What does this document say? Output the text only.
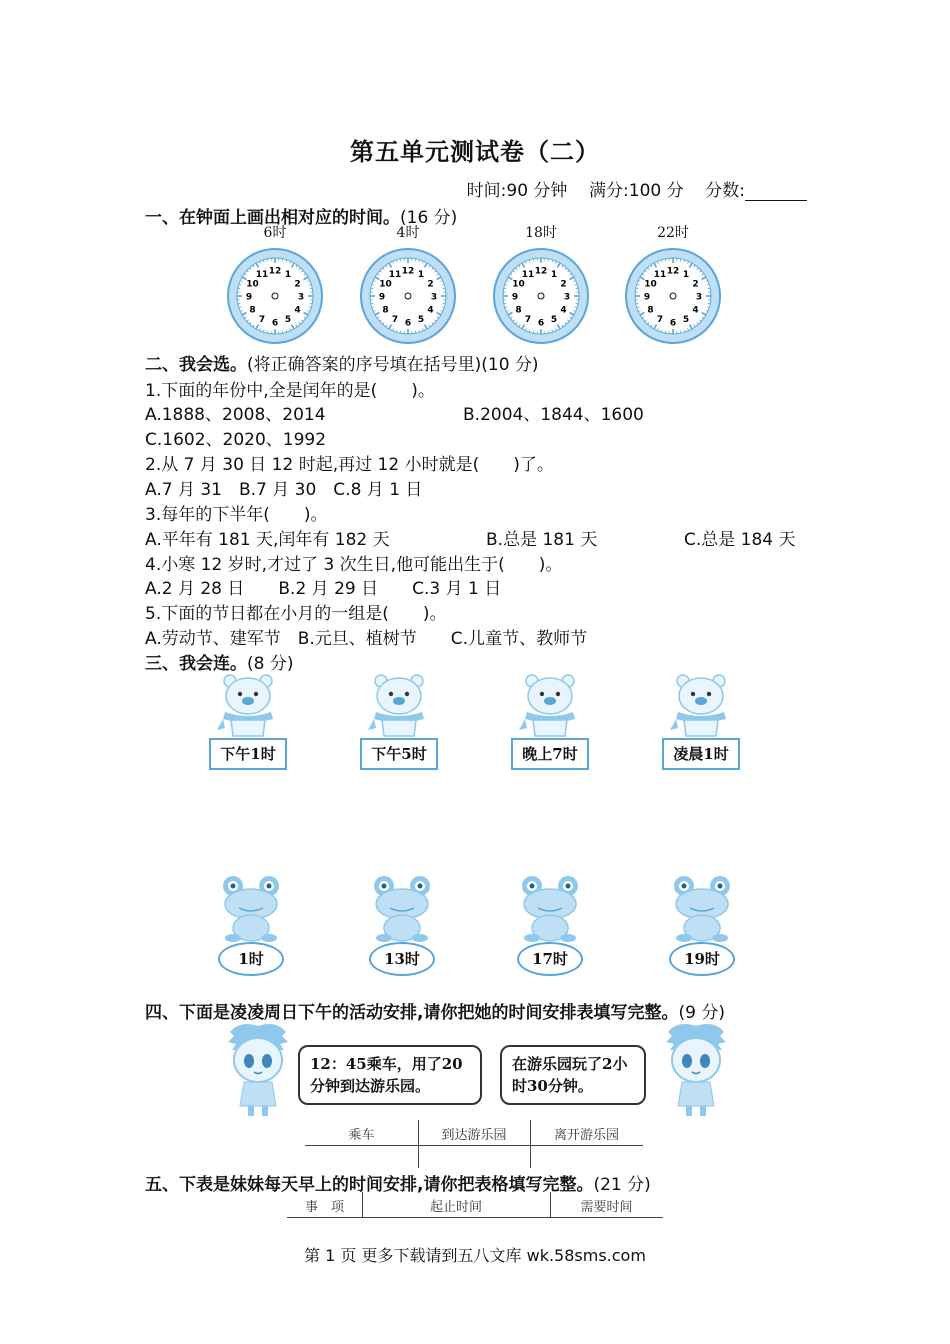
第五单元测试卷（二）
时间:90 分钟 满分:100 分 分数:
一、在钟面上画出相对应的时间。(16 分)
6时
12 1
2
3
4
5
6
7
8
9
10
11
4时
12 1
2
3
4
5
6
7
8
9
10
11
18时
12 1
2
3
4
5
6
7
8
9
10
11
22时
12 1
2
3
4
5
6
7
8
9
10
11
二、我会选。(将正确答案的序号填在括号里)(10 分)
1.下面的年份中,全是闰年的是(　　)。
A.1888、2008、2014	B.2004、1844、1600
C.1602、2020、1992
2.从 7 月 30 日 12 时起,再过 12 小时就是(　　)了。
A.7 月 31　B.7 月 30　C.8 月 1 日
3.每年的下半年(　　)。
A.平年有 181 天,闰年有 182 天	B.总是 181 天	C.总是 184 天
4.小寒 12 岁时,才过了 3 次生日,他可能出生于(　　)。
A.2 月 28 日　　B.2 月 29 日　　C.3 月 1 日
5.下面的节日都在小月的一组是(　　)。
A.劳动节、建军节　B.元旦、植树节　　C.儿童节、教师节
三、我会连。(8 分)
下午1时	下午5时	晚上7时	凌晨1时
1时	13时	17时	19时
四、下面是凌凌周日下午的活动安排,请你把她的时间安排表填写完整。(9 分)
12：45乘车，用了20分钟到达游乐园。
在游乐园玩了2小时30分钟。
乘车	到达游乐园	离开游乐园
五、下表是妹妹每天早上的时间安排,请你把表格填写完整。(21 分)
事　项	起止时间	需要时间
第 1 页 更多下载请到五八文库 wk.58sms.com
